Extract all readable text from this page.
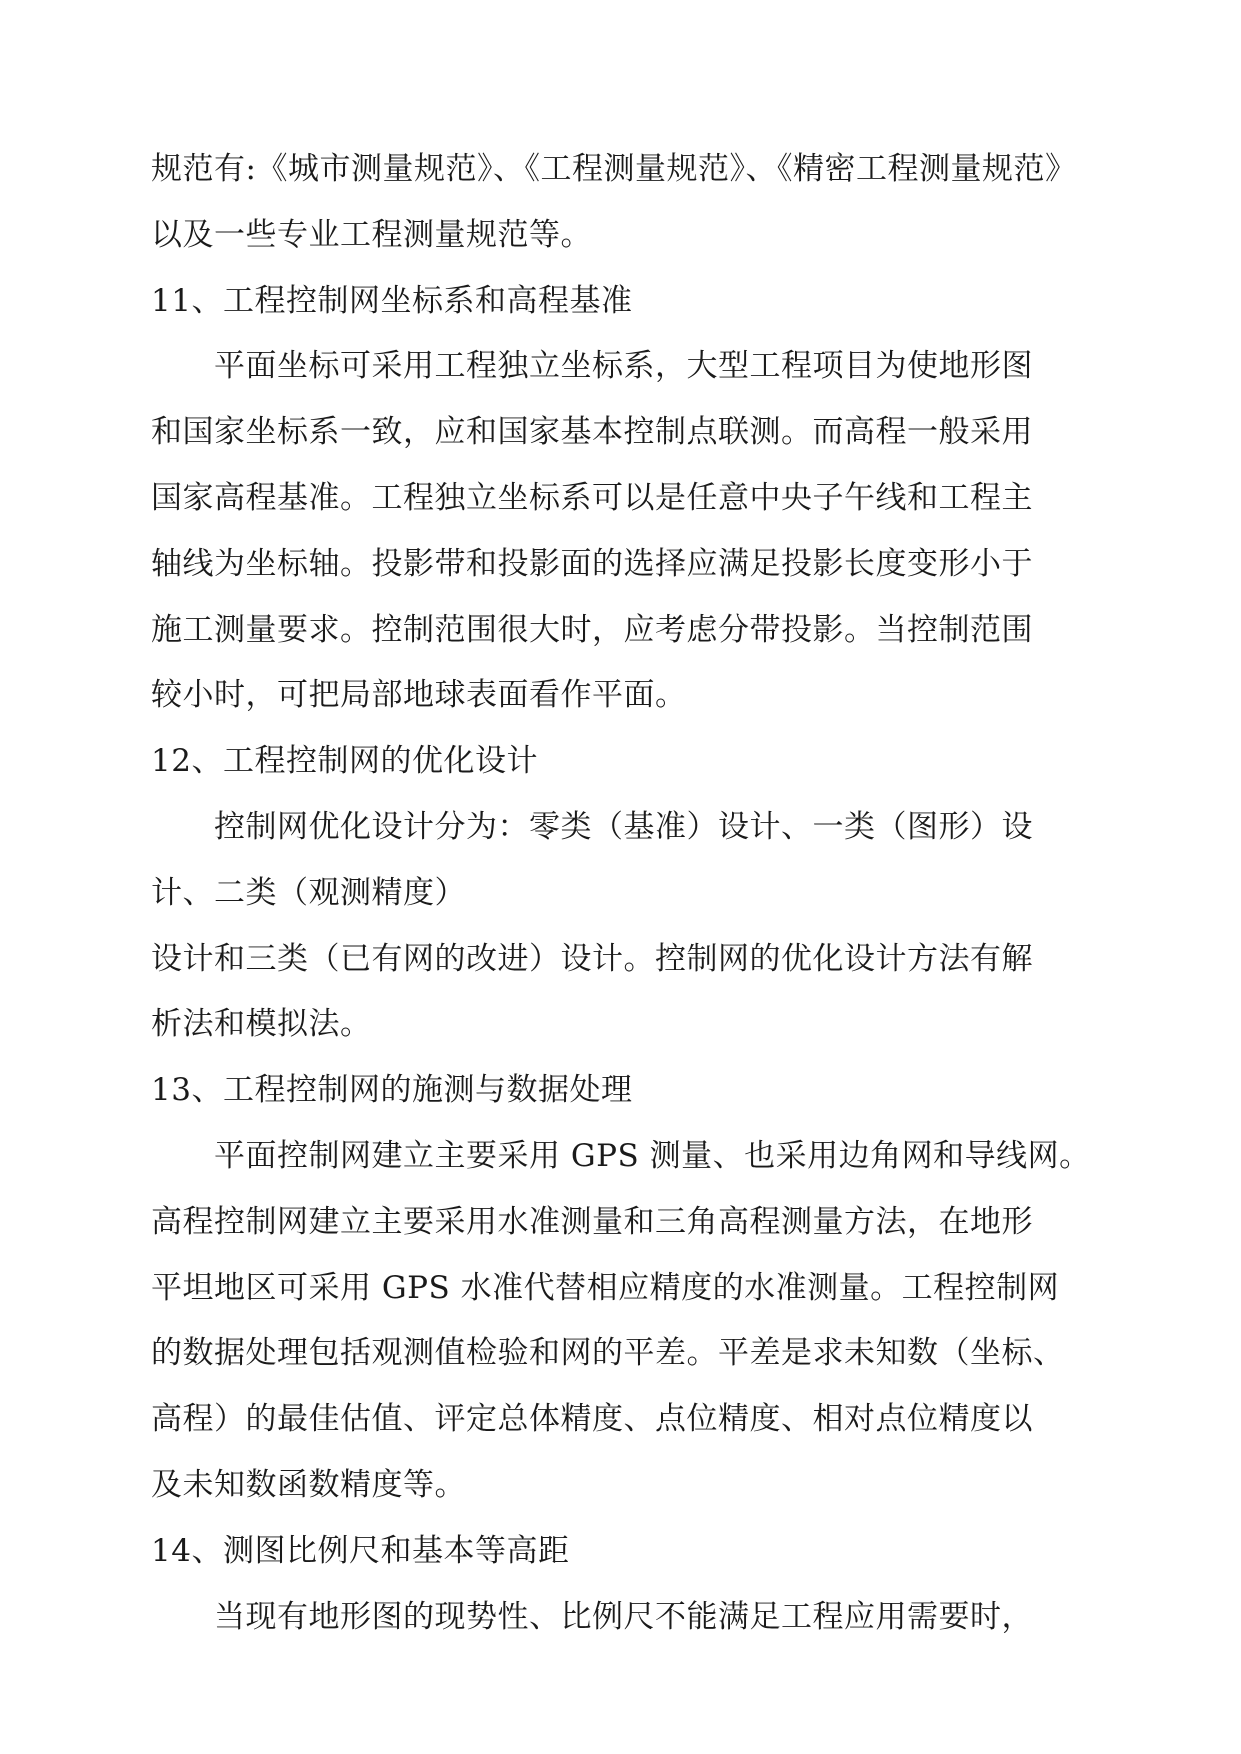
规范有:《城市测量规范》、《工程测量规范》、《精密工程测量规范》
以及一些专业工程测量规范等。
11、工程控制网坐标系和高程基准
平面坐标可采用工程独立坐标系，大型工程项目为使地形图
和国家坐标系一致，应和国家基本控制点联测。而高程一般采用
国家高程基准。工程独立坐标系可以是任意中央子午线和工程主
轴线为坐标轴。投影带和投影面的选择应满足投影长度变形小于
施工测量要求。控制范围很大时，应考虑分带投影。当控制范围
较小时，可把局部地球表面看作平面。
12、工程控制网的优化设计
控制网优化设计分为：零类（基准）设计、一类（图形）设
计、二类（观测精度）
设计和三类（已有网的改进）设计。控制网的优化设计方法有解
析法和模拟法。
13、工程控制网的施测与数据处理
平面控制网建立主要采用 GPS 测量、也采用边角网和导线网。
高程控制网建立主要采用水准测量和三角高程测量方法，在地形
平坦地区可采用 GPS 水准代替相应精度的水准测量。工程控制网
的数据处理包括观测值检验和网的平差。平差是求未知数（坐标、
高程）的最佳估值、评定总体精度、点位精度、相对点位精度以
及未知数函数精度等。
14、测图比例尺和基本等高距
当现有地形图的现势性、比例尺不能满足工程应用需要时，
